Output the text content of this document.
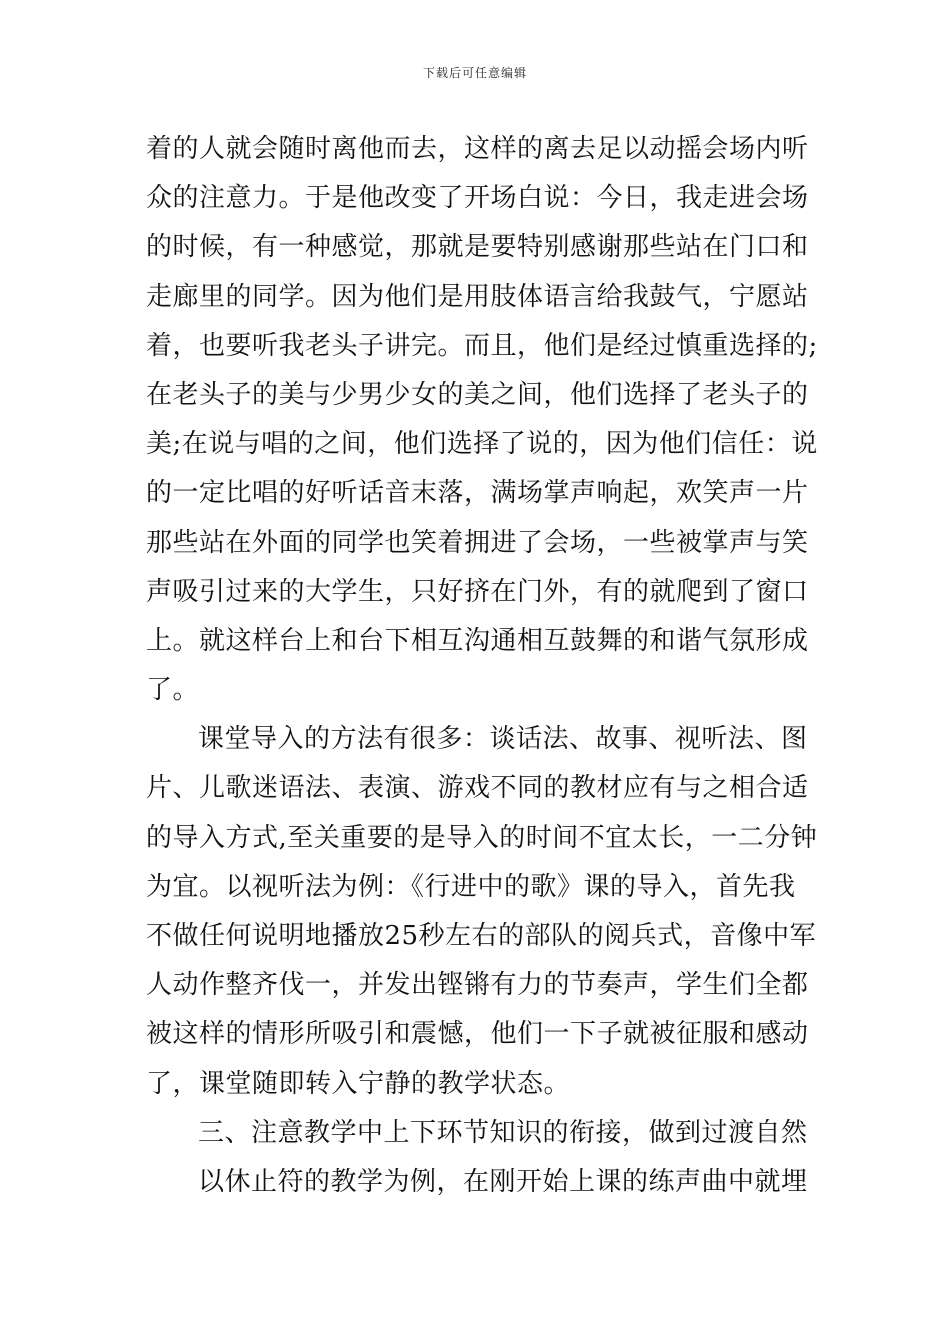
下载后可任意编辑
着的人就会随时离他而去，这样的离去足以动摇会场内听
众的注意力。于是他改变了开场白说：今日，我走进会场
的时候，有一种感觉，那就是要特别感谢那些站在门口和
走廊里的同学。因为他们是用肢体语言给我鼓气，宁愿站
着，也要听我老头子讲完。而且，他们是经过慎重选择的;
在老头子的美与少男少女的美之间，他们选择了老头子的
美;在说与唱的之间，他们选择了说的，因为他们信任：说
的一定比唱的好听话音末落，满场掌声响起，欢笑声一片
那些站在外面的同学也笑着拥进了会场，一些被掌声与笑
声吸引过来的大学生，只好挤在门外，有的就爬到了窗口
上。就这样台上和台下相互沟通相互鼓舞的和谐气氛形成
了。
课堂导入的方法有很多：谈话法、故事、视听法、图
片、儿歌迷语法、表演、游戏不同的教材应有与之相合适
的导入方式,至关重要的是导入的时间不宜太长，一二分钟
为宜。以视听法为例：《行进中的歌》课的导入，首先我
不做任何说明地播放25秒左右的部队的阅兵式，音像中军
人动作整齐伐一，并发出铿锵有力的节奏声，学生们全都
被这样的情形所吸引和震憾，他们一下子就被征服和感动
了，课堂随即转入宁静的教学状态。
三、注意教学中上下环节知识的衔接，做到过渡自然
以休止符的教学为例，在刚开始上课的练声曲中就埋
